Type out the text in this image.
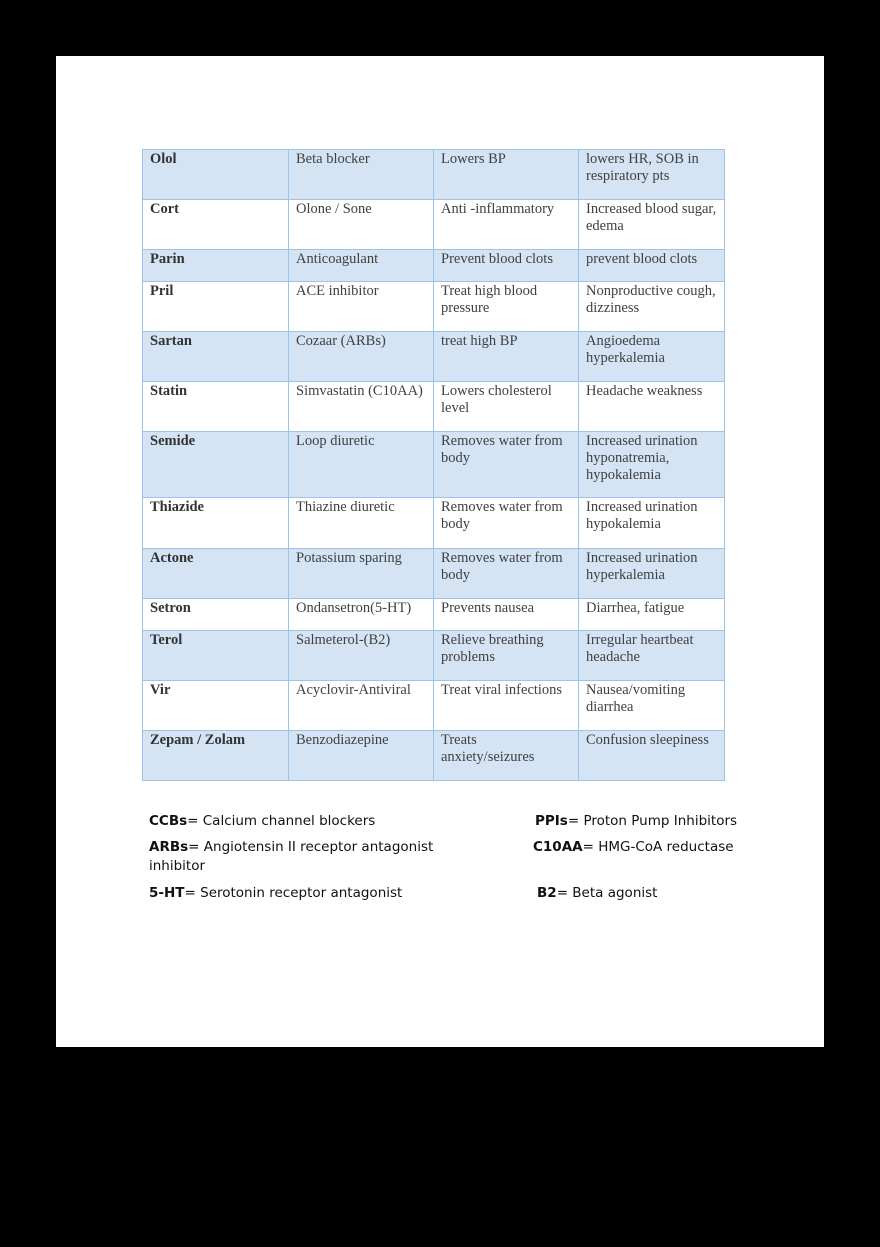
Olol	Beta blocker	Lowers BP	lowers HR, SOB in respiratory pts
Cort	Olone / Sone	Anti -inflammatory	Increased blood sugar, edema
Parin	Anticoagulant	Prevent blood clots	prevent blood clots
Pril	ACE inhibitor	Treat high blood pressure	Nonproductive cough, dizziness
Sartan	Cozaar (ARBs)	treat high BP	Angioedema hyperkalemia
Statin	Simvastatin (C10AA)	Lowers cholesterol level	Headache weakness
Semide	Loop diuretic	Removes water from body	Increased urination hyponatremia, hypokalemia
Thiazide	Thiazine diuretic	Removes water from body	Increased urination hypokalemia
Actone	Potassium sparing	Removes water from body	Increased urination hyperkalemia
Setron	Ondansetron(5-HT)	Prevents nausea	Diarrhea, fatigue
Terol	Salmeterol-(B2)	Relieve breathing problems	Irregular heartbeat headache
Vir	Acyclovir-Antiviral	Treat viral infections	Nausea/vomiting diarrhea
Zepam / Zolam	Benzodiazepine	Treats anxiety/seizures	Confusion sleepiness
CCBs= Calcium channel blockers
ARBs= Angiotensin II receptor antagonist inhibitor
5-HT= Serotonin receptor antagonist
PPIs= Proton Pump Inhibitors
C10AA= HMG-CoA reductase
B2= Beta agonist
